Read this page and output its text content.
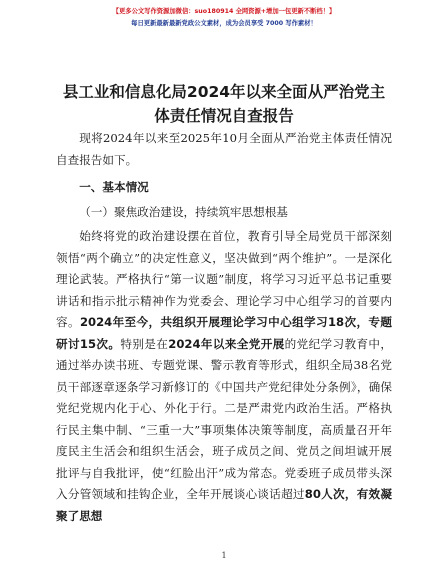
【更多公文写作资源加微信：suo180914 全网资源+增加一包更新不断档！】
每日更新最新最新党政公文素材，成为会员享受 7000 写作素材！
县工业和信息化局2024年以来全面从严治党主
体责任情况自查报告

现将2024年以来至2025年10月全面从严治党主体责任情况自查报告如下。

一、基本情况
（一）聚焦政治建设，持续筑牢思想根基

始终将党的政治建设摆在首位，教育引导全局党员干部深刻领悟“两个确立”的决定性意义，坚决做到“两个维护”。一是深化理论武装。严格执行“第一议题”制度，将学习习近平总书记重要讲话和指示批示精神作为党委会、理论学习中心组学习的首要内容。2024年至今，共组织开展理论学习中心组学习18次，专题研讨15次。特别是在2024年以来全党开展的党纪学习教育中，通过举办读书班、专题党课、警示教育等形式，组织全局38名党员干部逐章逐条学习新修订的《中国共产党纪律处分条例》，确保党纪党规内化于心、外化于行。二是严肃党内政治生活。严格执行民主集中制、“三重一大”事项集体决策等制度，高质量召开年度民主生活会和组织生活会，班子成员之间、党员之间坦诚开展批评与自我批评，使“红脸出汗”成为常态。党委班子成员带头深入分管领域和挂钩企业，全年开展谈心谈话超过80人次，有效凝聚了思想

1
